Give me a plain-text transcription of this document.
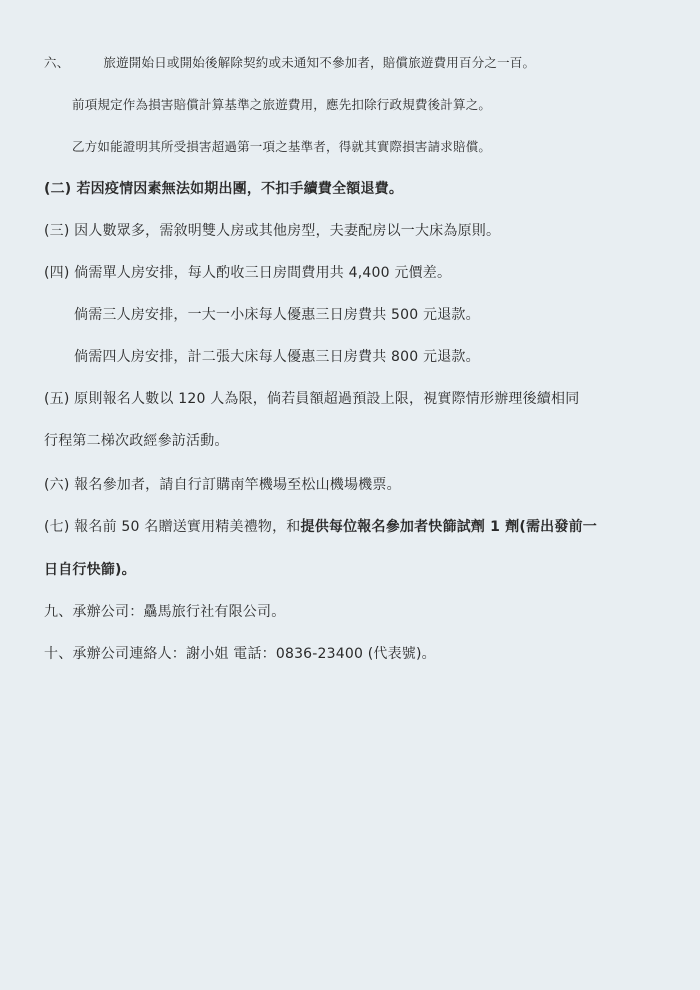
六、	旅遊開始日或開始後解除契約或未通知不參加者，賠償旅遊費用百分之一百。
前項規定作為損害賠償計算基準之旅遊費用，應先扣除行政規費後計算之。
乙方如能證明其所受損害超過第一項之基準者，得就其實際損害請求賠償。
(二) 若因疫情因素無法如期出團，不扣手續費全額退費。
(三) 因人數眾多，需敘明雙人房或其他房型，夫妻配房以一大床為原則。
(四) 倘需單人房安排，每人酌收三日房間費用共 4,400 元價差。
倘需三人房安排，一大一小床每人優惠三日房費共 500 元退款。
倘需四人房安排，計二張大床每人優惠三日房費共 800 元退款。
(五) 原則報名人數以 120 人為限，倘若員額超過預設上限，視實際情形辦理後續相同
行程第二梯次政經參訪活動。
(六) 報名參加者，請自行訂購南竿機場至松山機場機票。
(七) 報名前 50 名贈送實用精美禮物，和提供每位報名參加者快篩試劑 1 劑(需出發前一
日自行快篩)。
九、承辦公司：驫馬旅行社有限公司。
十、承辦公司連絡人：謝小姐 電話：0836-23400 (代表號)。
